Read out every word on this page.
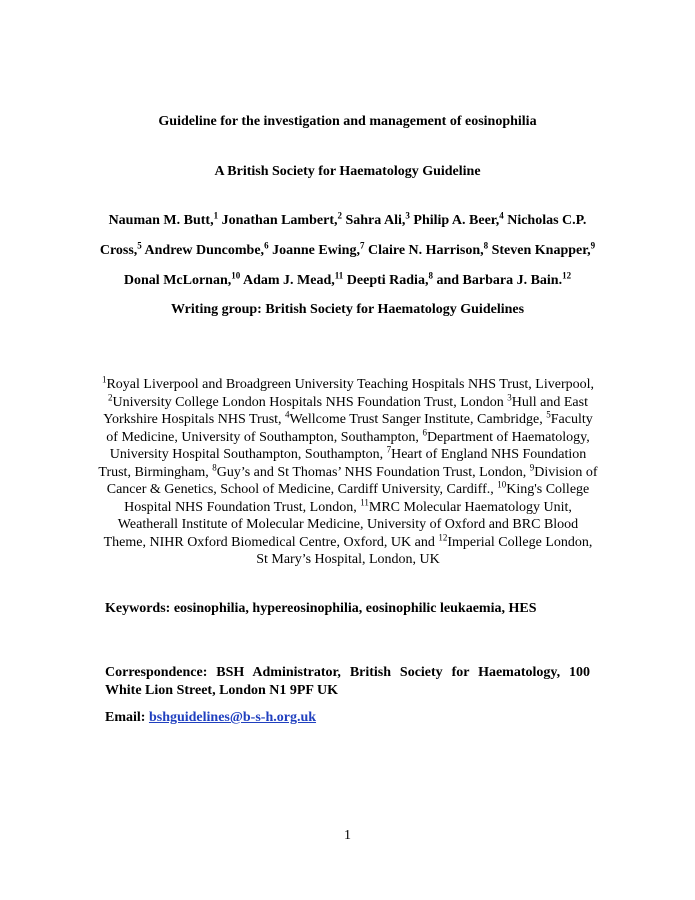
Guideline for the investigation and management of eosinophilia
A British Society for Haematology Guideline
Nauman M. Butt,$^1$ Jonathan Lambert,$^2$ Sahra Ali,$^3$ Philip A. Beer,$^4$ Nicholas C.P. Cross,$^5$ Andrew Duncombe,$^6$ Joanne Ewing,$^7$ Claire N. Harrison,$^8$ Steven Knapper,$^9$ Donal McLornan,$^{10}$ Adam J. Mead,$^{11}$ Deepti Radia,$^8$ and Barbara J. Bain.$^{12}$
Writing group: British Society for Haematology Guidelines
$^1$Royal Liverpool and Broadgreen University Teaching Hospitals NHS Trust, Liverpool, $^2$University College London Hospitals NHS Foundation Trust, London $^3$Hull and East Yorkshire Hospitals NHS Trust, $^4$Wellcome Trust Sanger Institute, Cambridge, $^5$Faculty of Medicine, University of Southampton, Southampton, $^6$Department of Haematology, University Hospital Southampton, Southampton, $^7$Heart of England NHS Foundation Trust, Birmingham, $^8$Guy’s and St Thomas’ NHS Foundation Trust, London, $^9$Division of Cancer & Genetics, School of Medicine, Cardiff University, Cardiff., $^{10}$King's College Hospital NHS Foundation Trust, London, $^{11}$MRC Molecular Haematology Unit, Weatherall Institute of Molecular Medicine, University of Oxford and BRC Blood Theme, NIHR Oxford Biomedical Centre, Oxford, UK and $^{12}$Imperial College London, St Mary’s Hospital, London, UK
Keywords: eosinophilia, hypereosinophilia, eosinophilic leukaemia, HES
Correspondence: BSH Administrator, British Society for Haematology, 100 White Lion Street, London N1 9PF UK
Email: bshguidelines@b-s-h.org.uk
1
